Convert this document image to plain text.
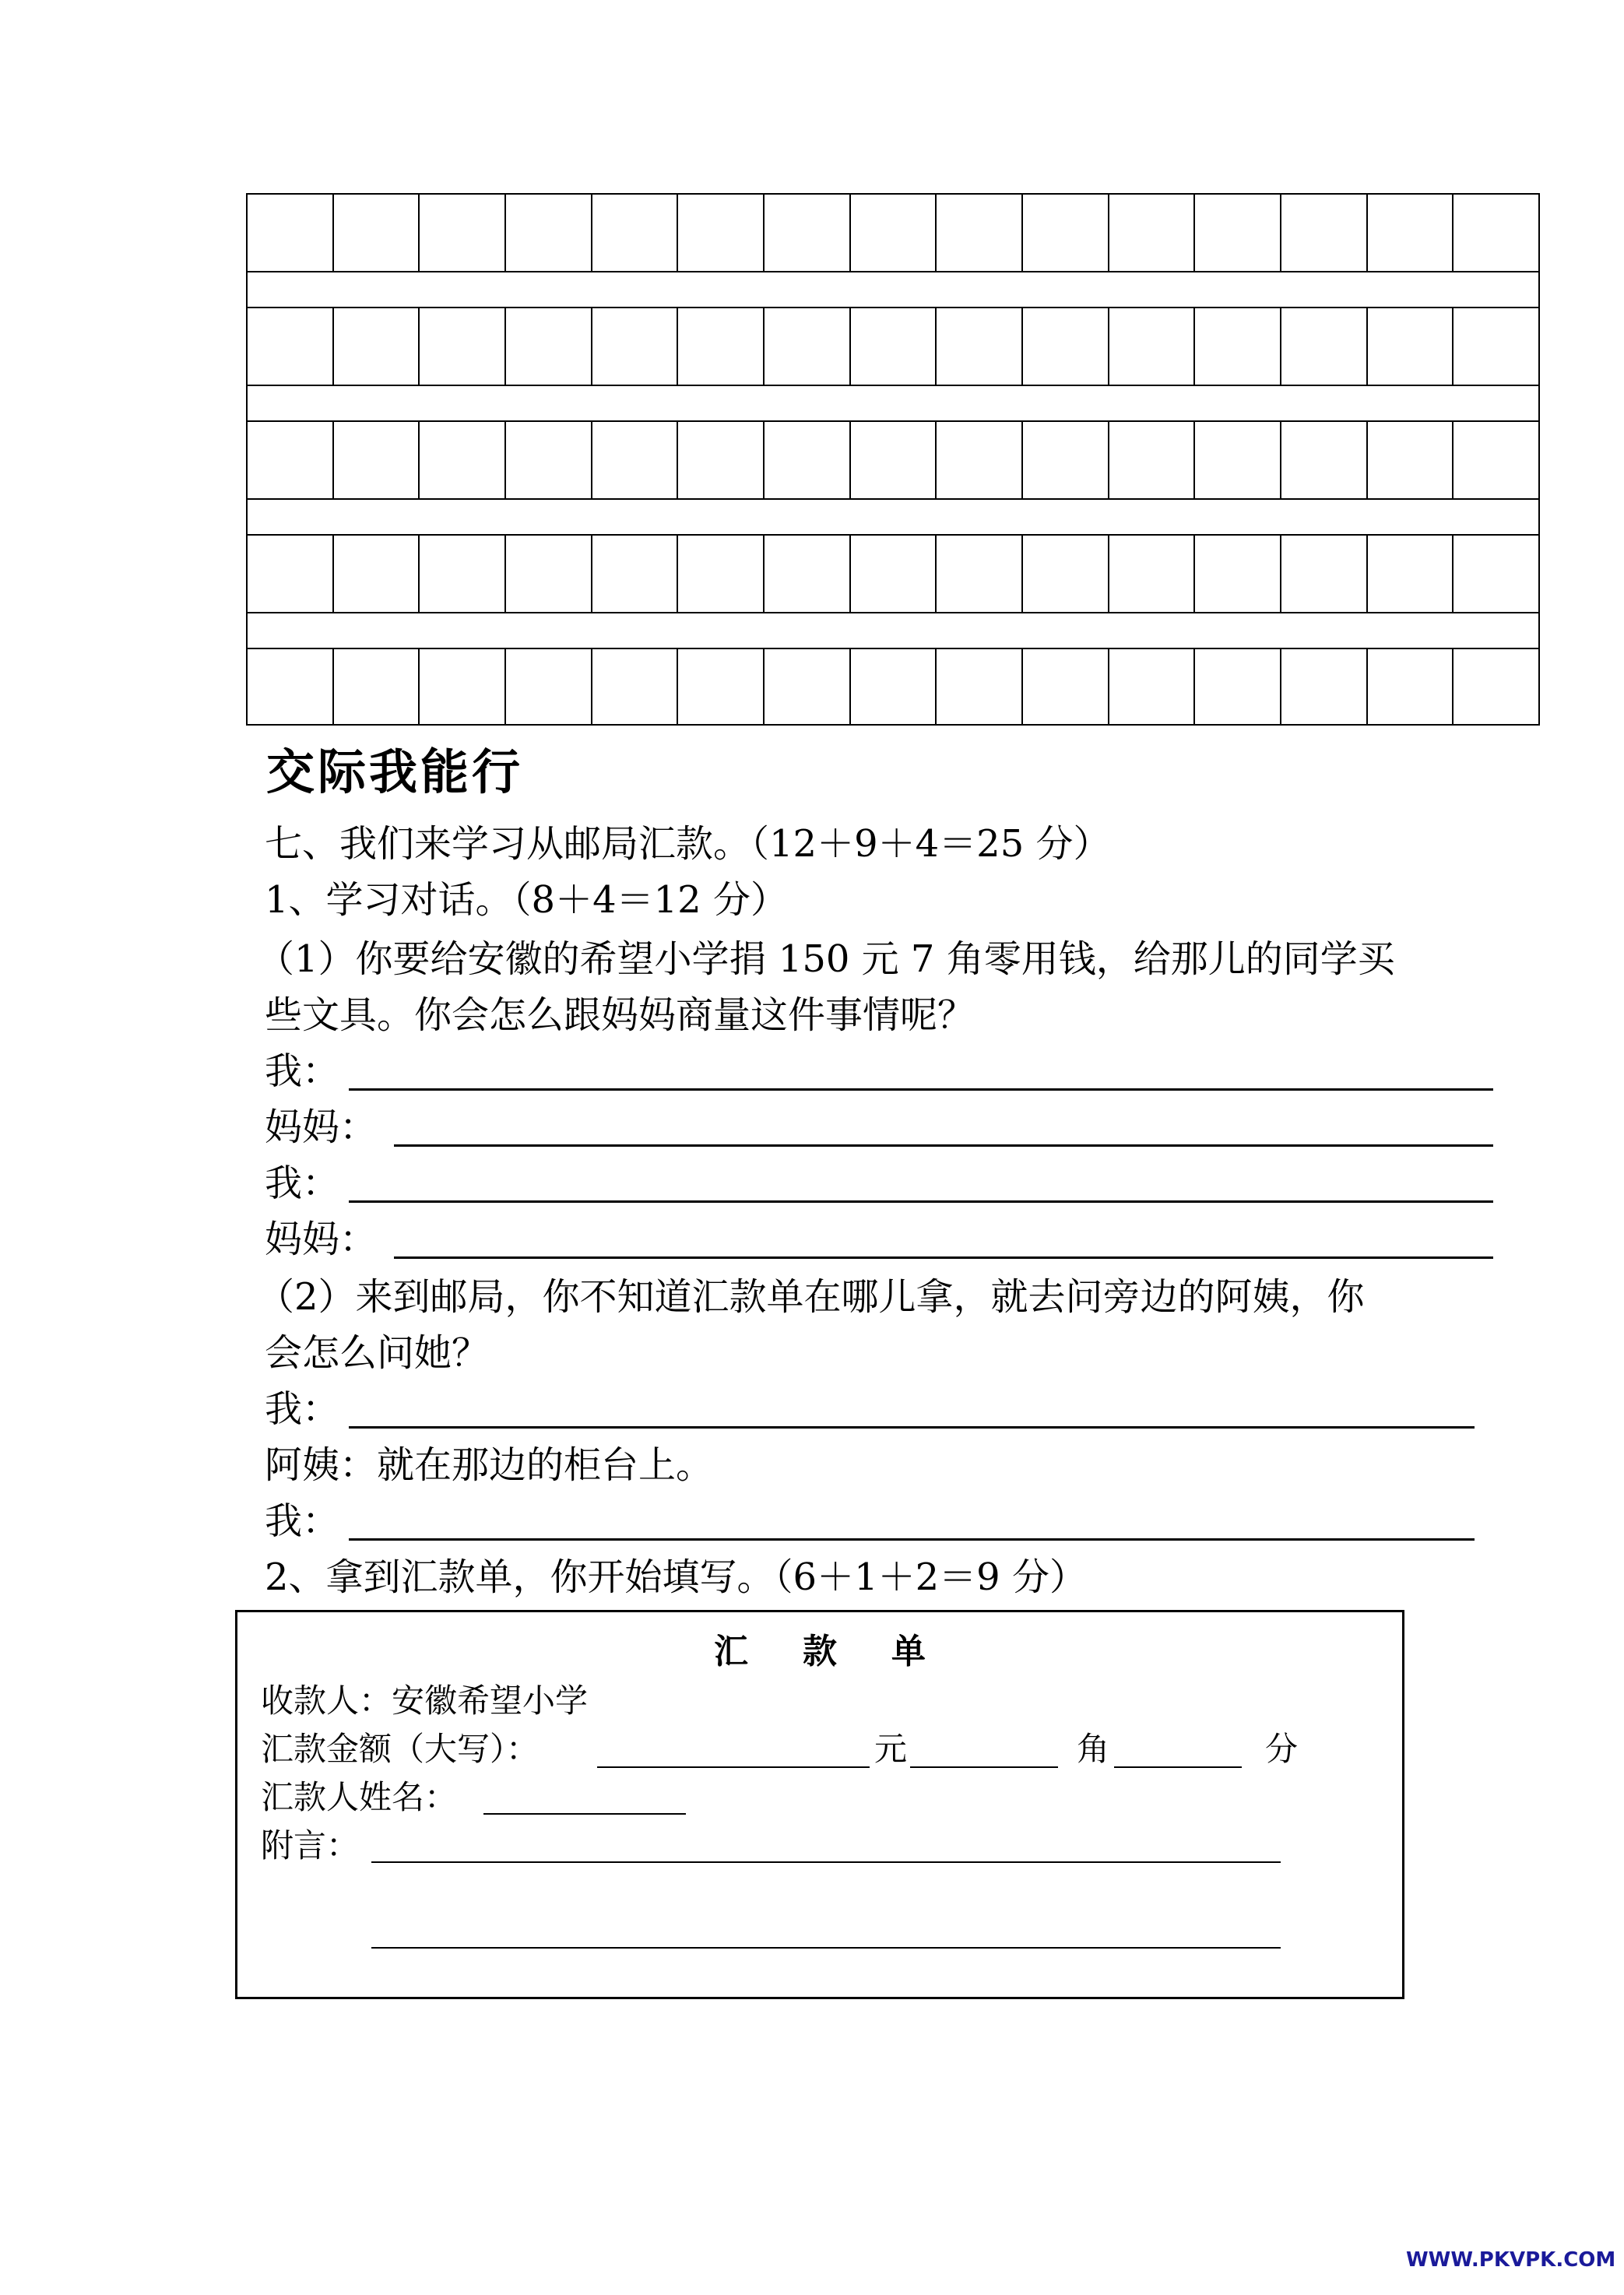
交际我能行
七、我们来学习从邮局汇款。（12＋9＋4＝25 分）
1、学习对话。（8＋4＝12 分）
（1）你要给安徽的希望小学捐 150 元 7 角零用钱，给那儿的同学买
些文具。你会怎么跟妈妈商量这件事情呢？
我：
妈妈：
我：
妈妈：
（2）来到邮局，你不知道汇款单在哪儿拿，就去问旁边的阿姨，你
会怎么问她？
我：
阿姨：就在那边的柜台上。
我：
2、拿到汇款单，你开始填写。（6＋1＋2＝9 分）
汇款单
收款人：安徽希望小学
汇款金额（大写）：	元	角	分
汇款人姓名：
附言：
WWW.PKVPK.COM
